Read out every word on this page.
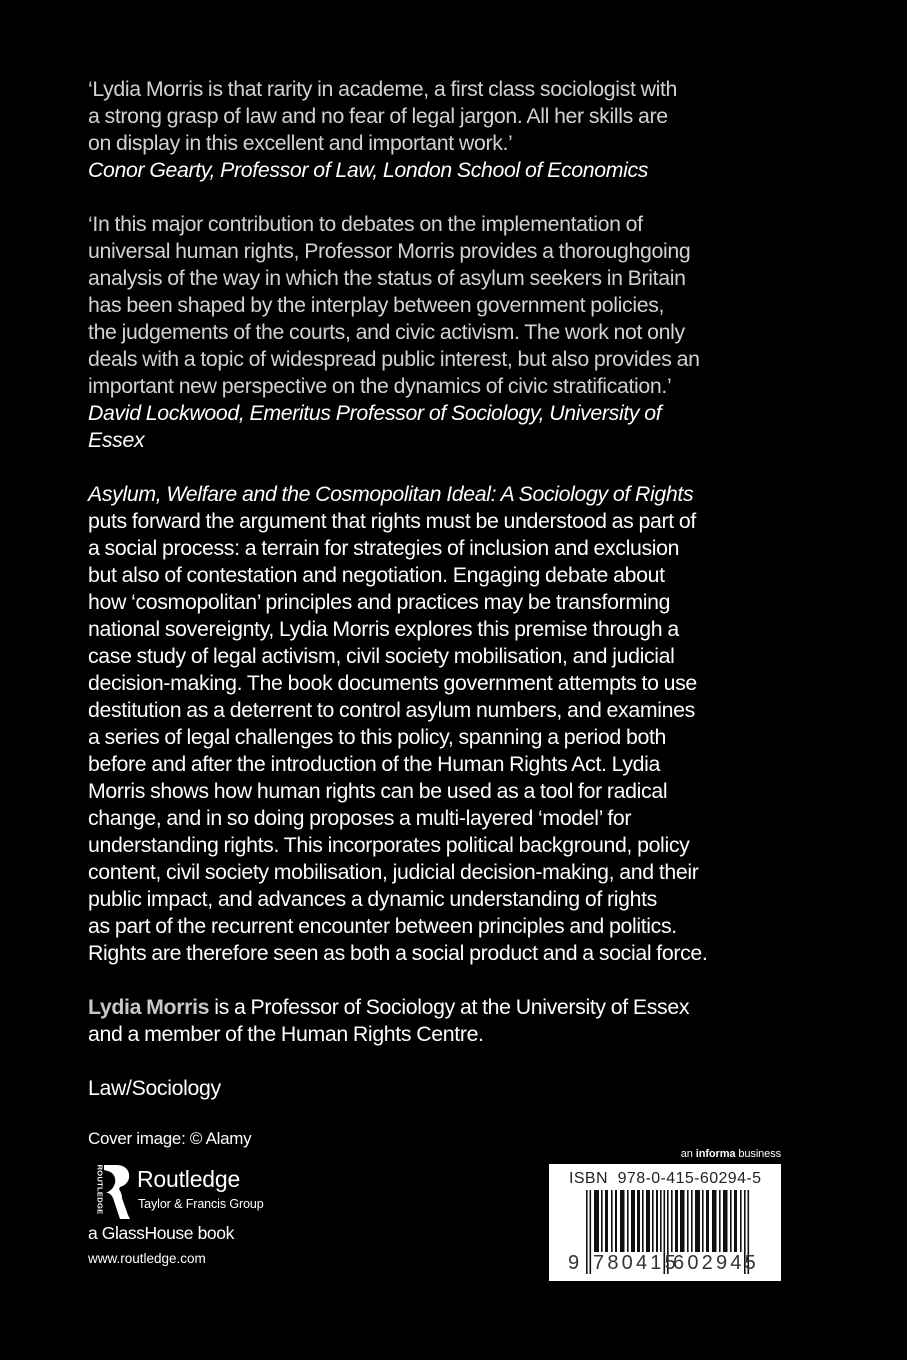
‘Lydia Morris is that rarity in academe, a first class sociologist with
a strong grasp of law and no fear of legal jargon. All her skills are
on display in this excellent and important work.’
Conor Gearty, Professor of Law, London School of Economics
‘In this major contribution to debates on the implementation of
universal human rights, Professor Morris provides a thoroughgoing
analysis of the way in which the status of asylum seekers in Britain
has been shaped by the interplay between government policies,
the judgements of the courts, and civic activism. The work not only
deals with a topic of widespread public interest, but also provides an
important new perspective on the dynamics of civic stratification.’
David Lockwood, Emeritus Professor of Sociology, University of
Essex
Asylum, Welfare and the Cosmopolitan Ideal: A Sociology of Rights
puts forward the argument that rights must be understood as part of
a social process: a terrain for strategies of inclusion and exclusion
but also of contestation and negotiation. Engaging debate about
how ‘cosmopolitan’ principles and practices may be transforming
national sovereignty, Lydia Morris explores this premise through a
case study of legal activism, civil society mobilisation, and judicial
decision-making. The book documents government attempts to use
destitution as a deterrent to control asylum numbers, and examines
a series of legal challenges to this policy, spanning a period both
before and after the introduction of the Human Rights Act. Lydia
Morris shows how human rights can be used as a tool for radical
change, and in so doing proposes a multi-layered ‘model’ for
understanding rights. This incorporates political background, policy
content, civil society mobilisation, judicial decision-making, and their
public impact, and advances a dynamic understanding of rights
as part of the recurrent encounter between principles and politics.
Rights are therefore seen as both a social product and a social force.
Lydia Morris is a Professor of Sociology at the University of Essex
and a member of the Human Rights Centre.
Law/Sociology
Cover image: © Alamy
ROUTLEDGE Routledge
Taylor & Francis Group
a GlassHouse book
www.routledge.com
an informa business
ISBN  978-0-415-60294-5
9 780415
602945
